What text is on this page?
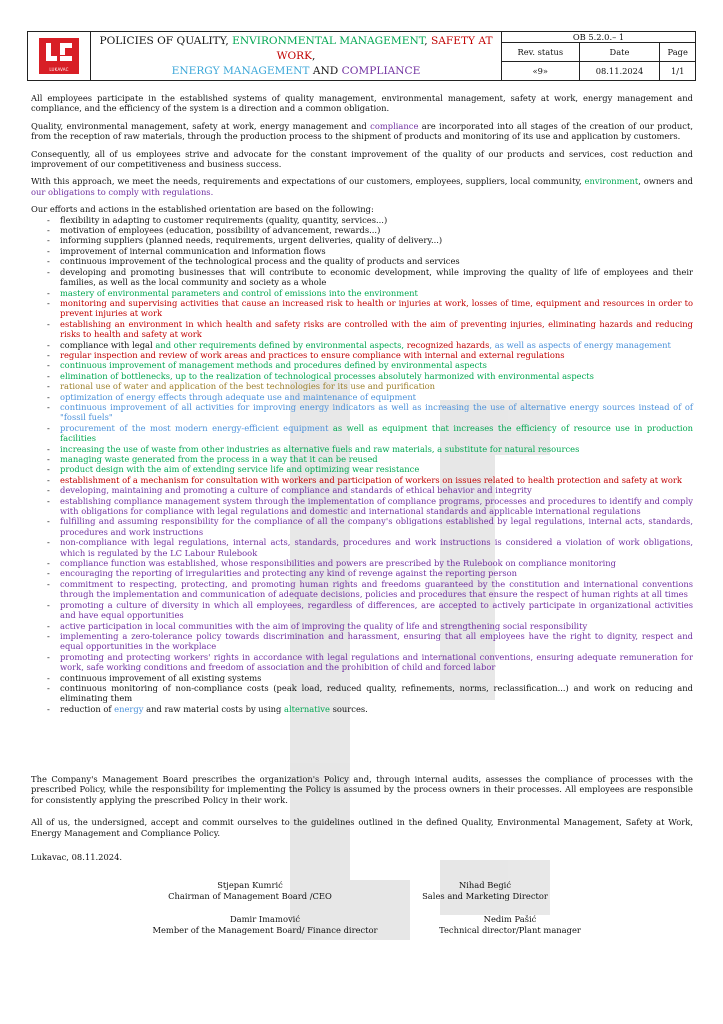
LUKAVAC	POLICIES OF QUALITY, ENVIRONMENTAL MANAGEMENT, SAFETY AT WORK,
ENERGY MANAGEMENT AND COMPLIANCE	OB 5.2.0.– 1		
		Rev. status	Date	Page
		«9»	08.11.2024	1/1

All employees participate in the established systems of quality management, environmental management, safety at work, energy management and compliance, and the efficiency of the system is a direction and a common obligation.

Quality, environmental management, safety at work, energy management and compliance are incorporated into all stages of the creation of our product, from the reception of raw materials, through the production process to the shipment of products and monitoring of its use and application by customers.

Consequently, all of us employees strive and advocate for the constant improvement of the quality of our products and services, cost reduction and improvement of our competitiveness and business success.

With this approach, we meet the needs, requirements and expectations of our customers, employees, suppliers, local community, environment, owners and our obligations to comply with regulations.

Our efforts and actions in the established orientation are based on the following:

- flexibility in adapting to customer requirements (quality, quantity, services...)
- motivation of employees (education, possibility of advancement, rewards...)
- informing suppliers (planned needs, requirements, urgent deliveries, quality of delivery...)
- improvement of internal communication and information flows
- continuous improvement of the technological process and the quality of products and services
- developing and promoting businesses that will contribute to economic development, while improving the quality of life of employees and their families, as well as the local community and society as a whole
- mastery of environmental parameters and control of emissions into the environment
- monitoring and supervising activities that cause an increased risk to health or injuries at work, losses of time, equipment and resources in order to prevent injuries at work
- establishing an environment in which health and safety risks are controlled with the aim of preventing injuries, eliminating hazards and reducing risks to health and safety at work
- compliance with legal and other requirements defined by environmental aspects, recognized hazards, as well as aspects of energy management
- regular inspection and review of work areas and practices to ensure compliance with internal and external regulations
- continuous improvement of management methods and procedures defined by environmental aspects
- elimination of bottlenecks, up to the realization of technological processes absolutely harmonized with environmental aspects
- rational use of water and application of the best technologies for its use and purification
- optimization of energy effects through adequate use and maintenance of equipment
- continuous improvement of all activities for improving energy indicators as well as increasing the use of alternative energy sources instead of of "fossil fuels"
- procurement of the most modern energy-efficient equipment as well as equipment that increases the efficiency of resource use in production facilities
- increasing the use of waste from other industries as alternative fuels and raw materials, a substitute for natural resources
- managing waste generated from the process in a way that it can be reused
- product design with the aim of extending service life and optimizing wear resistance
- establishment of a mechanism for consultation with workers and participation of workers on issues related to health protection and safety at work
- developing, maintaining and promoting a culture of compliance and standards of ethical behavior and integrity
- establishing compliance management system through the implementation of compliance programs, processes and procedures to identify and comply with obligations for compliance with legal regulations and domestic and international standards and applicable international regulations
- fulfilling and assuming responsibility for the compliance of all the company's obligations established by legal regulations, internal acts, standards, procedures and work instructions
- non-compliance with legal regulations, internal acts, standards, procedures and work instructions is considered a violation of work obligations, which is regulated by the LC Labour Rulebook
- compliance function was established, whose responsibilities and powers are prescribed by the Rulebook on compliance monitoring
- encouraging the reporting of irregularities and protecting any kind of revenge against the reporting person
- commitment to respecting, protecting, and promoting human rights and freedoms guaranteed by the constitution and international conventions through the implementation and communication of adequate decisions, policies and procedures that ensure the respect of human rights at all times
- promoting a culture of diversity in which all employees, regardless of differences, are accepted to actively participate in organizational activities and have equal opportunities
- active participation in local communities with the aim of improving the quality of life and strengthening social responsibility
- implementing a zero-tolerance policy towards discrimination and harassment, ensuring that all employees have the right to dignity, respect and equal opportunities in the workplace
- promoting and protecting workers' rights in accordance with legal regulations and international conventions, ensuring adequate remuneration for work, safe working conditions and freedom of association and the prohibition of child and forced labor
- continuous improvement of all existing systems
- continuous monitoring of non-compliance costs (peak load, reduced quality, refinements, norms, reclassification...) and work on reducing and eliminating them
- reduction of energy and raw material costs by using alternative sources.

The Company's Management Board prescribes the organization's Policy and, through internal audits, assesses the compliance of processes with the prescribed Policy, while the responsibility for implementing the Policy is assumed by the process owners in their processes. All employees are responsible for consistently applying the prescribed Policy in their work.

All of us, the undersigned, accept and commit ourselves to the guidelines outlined in the defined Quality, Environmental Management, Safety at Work, Energy Management and Compliance Policy.

Lukavac, 08.11.2024.

Stjepan Kumrić
Chairman of Management Board /CEO
Nihad Begić
Sales and Marketing Director
Damir Imamović
Member of the Management Board/ Finance director
Nedim Pašić
Technical director/Plant manager
